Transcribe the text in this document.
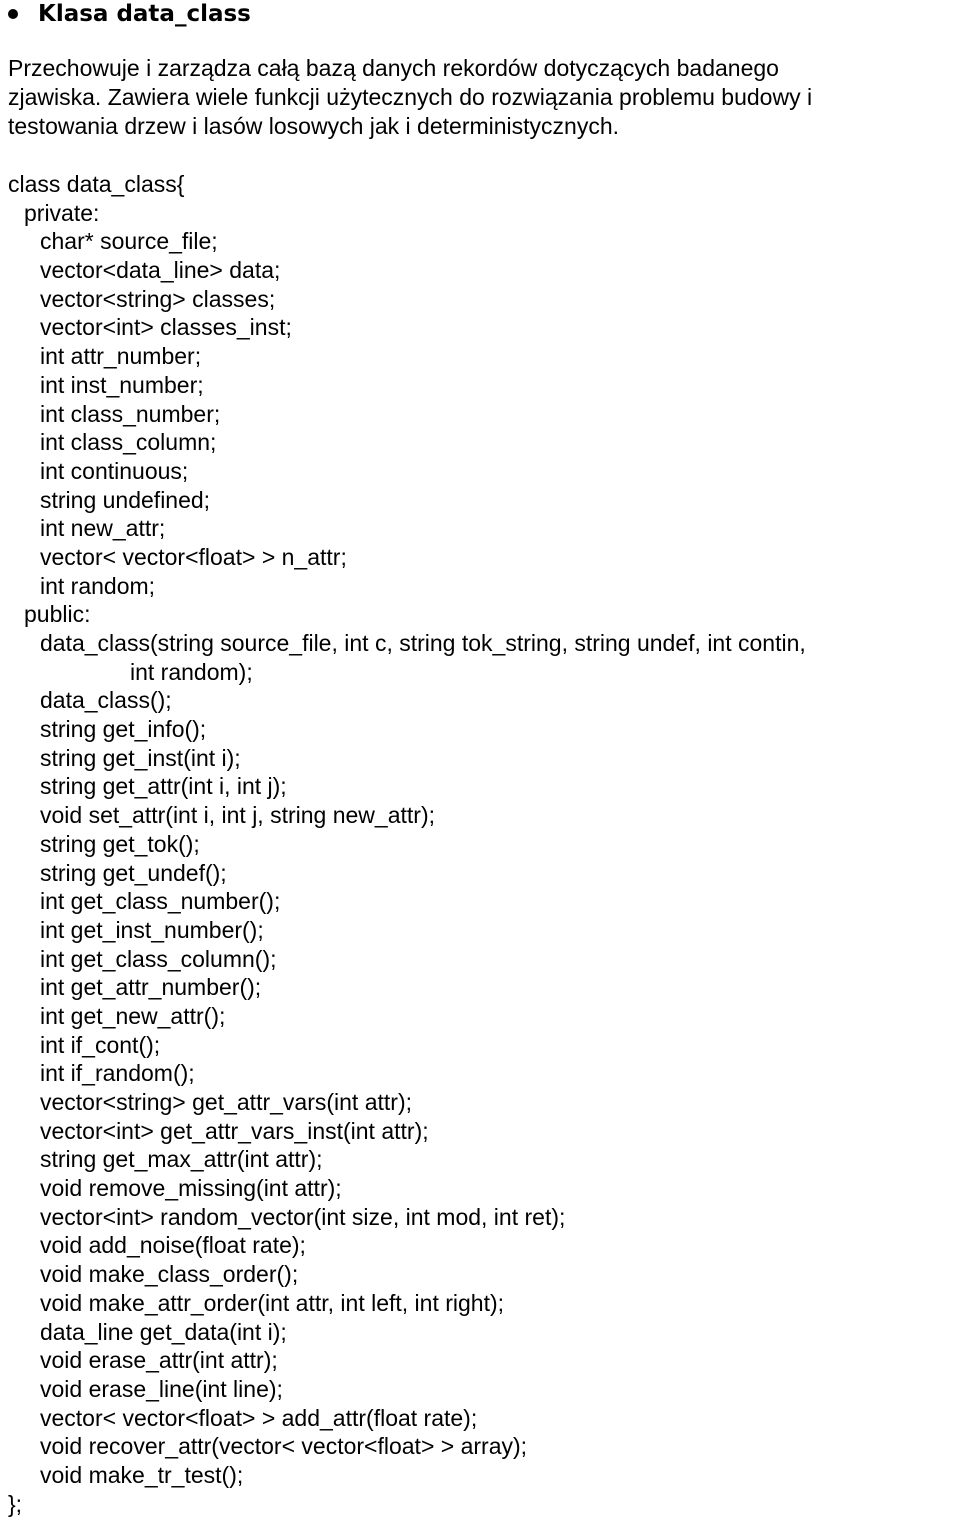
Klasa data_class
Przechowuje i zarządza całą bazą danych rekordów dotyczących badanego
zjawiska. Zawiera wiele funkcji użytecznych do rozwiązania problemu budowy i
testowania drzew i lasów losowych jak i deterministycznych.
class data_class{
private:
char* source_file;
vector<data_line> data;
vector<string> classes;
vector<int> classes_inst;
int attr_number;
int inst_number;
int class_number;
int class_column;
int continuous;
string undefined;
int new_attr;
vector< vector<float> > n_attr;
int random;
public:
data_class(string source_file, int c, string tok_string, string undef, int contin,
int random);
data_class();
string get_info();
string get_inst(int i);
string get_attr(int i, int j);
void set_attr(int i, int j, string new_attr);
string get_tok();
string get_undef();
int get_class_number();
int get_inst_number();
int get_class_column();
int get_attr_number();
int get_new_attr();
int if_cont();
int if_random();
vector<string> get_attr_vars(int attr);
vector<int> get_attr_vars_inst(int attr);
string get_max_attr(int attr);
void remove_missing(int attr);
vector<int> random_vector(int size, int mod, int ret);
void add_noise(float rate);
void make_class_order();
void make_attr_order(int attr, int left, int right);
data_line get_data(int i);
void erase_attr(int attr);
void erase_line(int line);
vector< vector<float> > add_attr(float rate);
void recover_attr(vector< vector<float> > array);
void make_tr_test();
};
